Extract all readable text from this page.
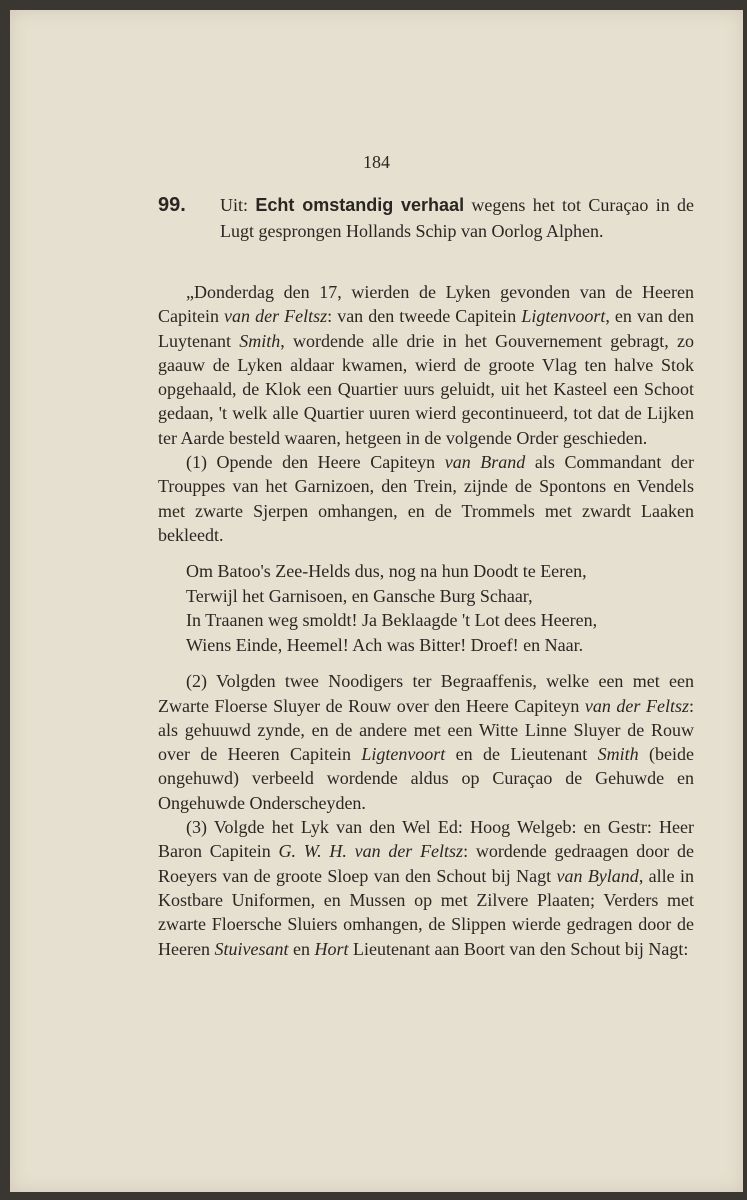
184
99. Uit: Echt omstandig verhaal wegens het tot Curaçao in de Lugt gesprongen Hollands Schip van Oorlog Alphen.

„Donderdag den 17, wierden de Lyken gevonden van de Heeren Capitein van der Feltsz: van den tweede Capitein Ligtenvoort, en van den Luytenant Smith, wordende alle drie in het Gouvernement gebragt, zo gaauw de Lyken aldaar kwamen, wierd de groote Vlag ten halve Stok opgehaald, de Klok een Quartier uurs geluidt, uit het Kasteel een Schoot gedaan, 't welk alle Quartier uuren wierd gecontinueerd, tot dat de Lijken ter Aarde besteld waaren, hetgeen in de volgende Order geschieden.

(1) Opende den Heere Capiteyn van Brand als Commandant der Trouppes van het Garnizoen, den Trein, zijnde de Spontons en Vendels met zwarte Sjerpen omhangen, en de Trommels met zwardt Laaken bekleedt.

Om Batoo's Zee-Helds dus, nog na hun Doodt te Eeren,
Terwijl het Garnisoen, en Gansche Burg Schaar,
In Traanen weg smoldt! Ja Beklaagde 't Lot dees Heeren,
Wiens Einde, Heemel! Ach was Bitter! Droef! en Naar.

(2) Volgden twee Noodigers ter Begraaffenis, welke een met een Zwarte Floerse Sluyer de Rouw over den Heere Capiteyn van der Feltsz: als gehuuwd zynde, en de andere met een Witte Linne Sluyer de Rouw over de Heeren Capitein Ligtenvoort en de Lieutenant Smith (beide ongehuwd) verbeeld wordende aldus op Curaçao de Gehuwde en Ongehuwde Onderscheyden.

(3) Volgde het Lyk van den Wel Ed: Hoog Welgeb: en Gestr: Heer Baron Capitein G. W. H. van der Feltsz: wordende gedraagen door de Roeyers van de groote Sloep van den Schout bij Nagt van Byland, alle in Kostbare Uniformen, en Mussen op met Zilvere Plaaten; Verders met zwarte Floersche Sluiers omhangen, de Slippen wierde gedragen door de Heeren Stuivesant en Hort Lieutenant aan Boort van den Schout bij Nagt:
